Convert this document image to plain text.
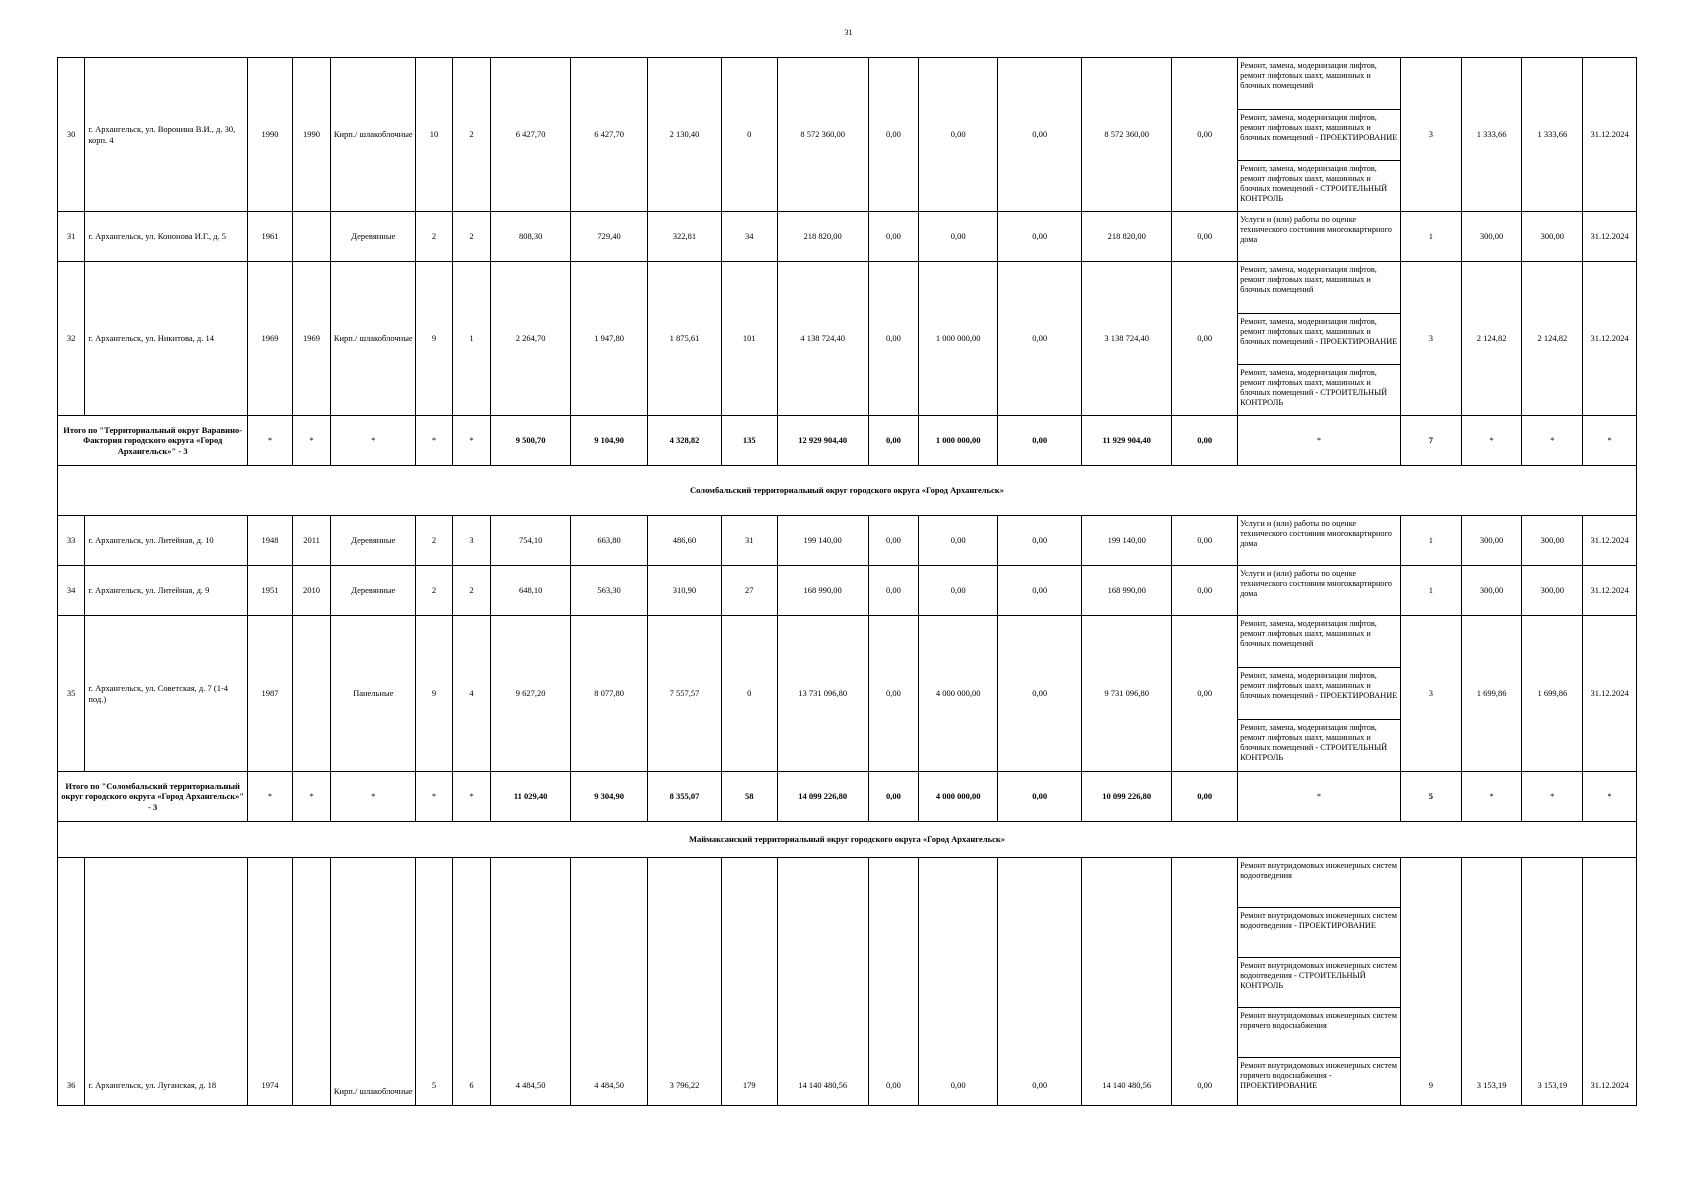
31
30	г. Архангельск, ул. Воронина В.И., д. 30, корп. 4	1990	1990	Кирп./ шлакоблочные	10	2	6 427,70	6 427,70	2 130,40	0	8 572 360,00	0,00	0,00	0,00	8 572 360,00	0,00	Ремонт, замена, модернизация лифтов, ремонт лифтовых шахт, машинных и блочных помещений	3	1 333,66	1 333,66	31.12.2024
																	Ремонт, замена, модернизация лифтов, ремонт лифтовых шахт, машинных и блочных помещений - ПРОЕКТИРОВАНИЕ				
																	Ремонт, замена, модернизация лифтов, ремонт лифтовых шахт, машинных и блочных помещений - СТРОИТЕЛЬНЫЙ КОНТРОЛЬ				
31	г. Архангельск, ул. Кононова И.Г., д. 5	1961		Деревянные	2	2	808,30	729,40	322,81	34	218 820,00	0,00	0,00	0,00	218 820,00	0,00	Услуги и (или) работы по оценке технического состояния многоквартирного дома	1	300,00	300,00	31.12.2024
32	г. Архангельск, ул. Никитова, д. 14	1969	1969	Кирп./ шлакоблочные	9	1	2 264,70	1 947,80	1 875,61	101	4 138 724,40	0,00	1 000 000,00	0,00	3 138 724,40	0,00	Ремонт, замена, модернизация лифтов, ремонт лифтовых шахт, машинных и блочных помещений	3	2 124,82	2 124,82	31.12.2024
																	Ремонт, замена, модернизация лифтов, ремонт лифтовых шахт, машинных и блочных помещений - ПРОЕКТИРОВАНИЕ				
																	Ремонт, замена, модернизация лифтов, ремонт лифтовых шахт, машинных и блочных помещений - СТРОИТЕЛЬНЫЙ КОНТРОЛЬ				
Итого по "Территориальный округ Варавино-Фактория городского округа «Город Архангельск»" - 3		*	*	*	*	*	9 500,70	9 104,90	4 328,82	135	12 929 904,40	0,00	1 000 000,00	0,00	11 929 904,40	0,00	*	7	*	*	*
Соломбальский территориальный округ городского округа «Город Архангельск»																					
33	г. Архангельск, ул. Литейная, д. 10	1948	2011	Деревянные	2	3	754,10	663,80	486,60	31	199 140,00	0,00	0,00	0,00	199 140,00	0,00	Услуги и (или) работы по оценке технического состояния многоквартирного дома	1	300,00	300,00	31.12.2024
34	г. Архангельск, ул. Литейная, д. 9	1951	2010	Деревянные	2	2	648,10	563,30	310,90	27	168 990,00	0,00	0,00	0,00	168 990,00	0,00	Услуги и (или) работы по оценке технического состояния многоквартирного дома	1	300,00	300,00	31.12.2024
35	г. Архангельск, ул. Советская, д. 7 (1-4 под.)	1987		Панельные	9	4	9 627,20	8 077,80	7 557,57	0	13 731 096,80	0,00	4 000 000,00	0,00	9 731 096,80	0,00	Ремонт, замена, модернизация лифтов, ремонт лифтовых шахт, машинных и блочных помещений	3	1 699,86	1 699,86	31.12.2024
																	Ремонт, замена, модернизация лифтов, ремонт лифтовых шахт, машинных и блочных помещений - ПРОЕКТИРОВАНИЕ				
																	Ремонт, замена, модернизация лифтов, ремонт лифтовых шахт, машинных и блочных помещений - СТРОИТЕЛЬНЫЙ КОНТРОЛЬ				
Итого по "Соломбальский территориальный округ городского округа «Город Архангельск»" - 3		*	*	*	*	*	11 029,40	9 304,90	8 355,07	58	14 099 226,80	0,00	4 000 000,00	0,00	10 099 226,80	0,00	*	5	*	*	*
Маймаксанский территориальный округ городского округа «Город Архангельск»																					
36	г. Архангельск, ул. Луганская, д. 18	1974		Кирп./ шлакоблочные	5	6	4 484,50	4 484,50	3 796,22	179	14 140 480,56	0,00	0,00	0,00	14 140 480,56	0,00	Ремонт внутридомовых инженерных систем водоотведения	9	3 153,19	3 153,19	31.12.2024
																	Ремонт внутридомовых инженерных систем водоотведения - ПРОЕКТИРОВАНИЕ				
																	Ремонт внутридомовых инженерных систем водоотведения - СТРОИТЕЛЬНЫЙ КОНТРОЛЬ				
																	Ремонт внутридомовых инженерных систем горячего водоснабжения				
																	Ремонт внутридомовых инженерных систем горячего водоснабжения - ПРОЕКТИРОВАНИЕ				
